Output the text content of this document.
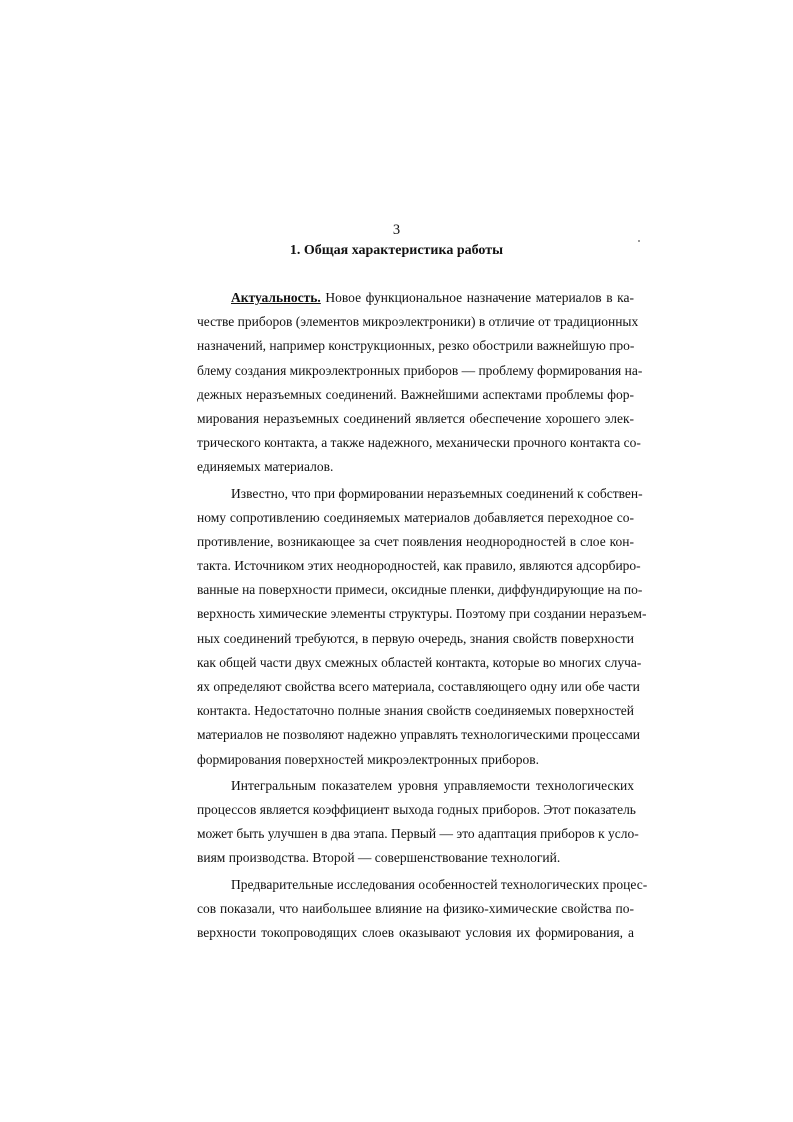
3
1. Общая характеристика работы
Актуальность. Новое функциональное назначение материалов в ка-
честве приборов (элементов микроэлектроники) в отличие от традиционных
назначений, например конструкционных, резко обострили важнейшую про-
блему создания микроэлектронных приборов — проблему формирования на-
дежных неразъемных соединений. Важнейшими аспектами проблемы фор-
мирования неразъемных соединений является обеспечение хорошего элек-
трического контакта, а также надежного, механически прочного контакта со-
единяемых материалов.
Известно, что при формировании неразъемных соединений к собствен-
ному сопротивлению соединяемых материалов добавляется переходное со-
противление, возникающее за счет появления неоднородностей в слое кон-
такта. Источником этих неоднородностей, как правило, являются адсорбиро-
ванные на поверхности примеси, оксидные пленки, диффундирующие на по-
верхность химические элементы структуры. Поэтому при создании неразъем-
ных соединений требуются, в первую очередь, знания свойств поверхности
как общей части двух смежных областей контакта, которые во многих случа-
ях определяют свойства всего материала, составляющего одну или обе части
контакта. Недостаточно полные знания свойств соединяемых поверхностей
материалов не позволяют надежно управлять технологическими процессами
формирования поверхностей микроэлектронных приборов.
Интегральным показателем уровня управляемости технологических
процессов является коэффициент выхода годных приборов. Этот показатель
может быть улучшен в два этапа. Первый — это адаптация приборов к усло-
виям производства. Второй — совершенствование технологий.
Предварительные исследования особенностей технологических процес-
сов показали, что наибольшее влияние на физико-химические свойства по-
верхности токопроводящих слоев оказывают условия их формирования, а
